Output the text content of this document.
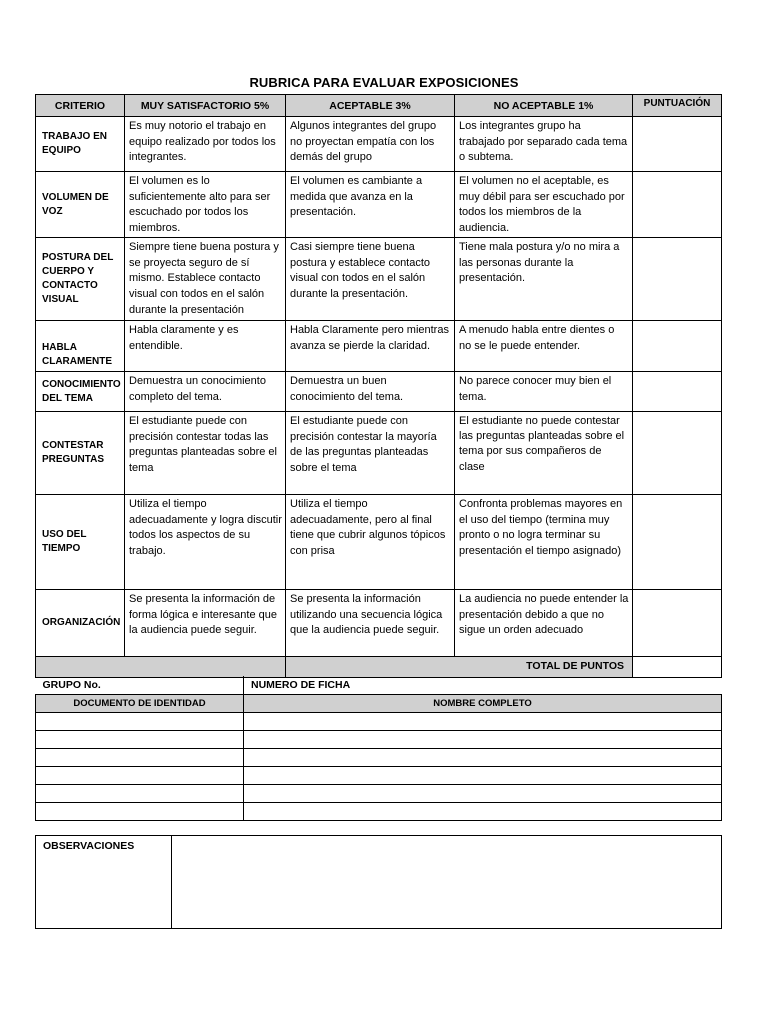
RUBRICA PARA EVALUAR EXPOSICIONES
CRITERIO	MUY SATISFACTORIO 5%	ACEPTABLE 3%	NO ACEPTABLE 1%	PUNTUACIÓN
TRABAJO EN EQUIPO	Es muy notorio el trabajo en equipo realizado por todos los integrantes.	Algunos integrantes del grupo no proyectan empatía con los demás del grupo	Los integrantes grupo ha trabajado por separado cada tema o subtema.	
VOLUMEN DE VOZ	El volumen es lo suficientemente alto para ser escuchado por todos los miembros.	El volumen es cambiante a medida que avanza en la presentación.	El volumen no el aceptable, es muy débil para ser escuchado por todos los miembros de la audiencia.	
POSTURA DEL CUERPO Y CONTACTO VISUAL	Siempre tiene buena postura y se proyecta seguro de sí mismo. Establece contacto visual con todos en el salón durante la presentación	Casi siempre tiene buena postura y establece contacto visual con todos en el salón durante la presentación.	Tiene mala postura y/o no mira a las personas durante la presentación.	
HABLA CLARAMENTE	Habla claramente y es entendible.	Habla Claramente pero mientras avanza se pierde la claridad.	A menudo habla entre dientes o no se le puede entender.	
CONOCIMIENTO DEL TEMA	Demuestra un conocimiento completo del tema.	Demuestra un buen conocimiento del tema.	No parece conocer muy bien el tema.	
CONTESTAR PREGUNTAS	El estudiante puede con precisión contestar todas las preguntas planteadas sobre el tema	El estudiante puede con precisión contestar la mayoría de las preguntas planteadas sobre el tema	El estudiante no puede contestar las preguntas planteadas sobre el tema por sus compañeros de clase	
USO DEL TIEMPO	Utiliza el tiempo adecuadamente y logra discutir todos los aspectos de su trabajo.	Utiliza el tiempo adecuadamente, pero al final tiene que cubrir algunos tópicos con prisa	Confronta problemas mayores en el uso del tiempo (termina muy pronto o no logra terminar su presentación el tiempo asignado)	
ORGANIZACIÓN	Se presenta la información de forma lógica e interesante que la audiencia puede seguir.	Se presenta la información utilizando una secuencia lógica que la audiencia puede seguir.	La audiencia no puede entender la presentación debido a que no sigue un orden adecuado	
		TOTAL DE PUNTOS		
GRUPO No.	NUMERO DE FICHA
DOCUMENTO DE IDENTIDAD	NOMBRE COMPLETO

OBSERVACIONES	
